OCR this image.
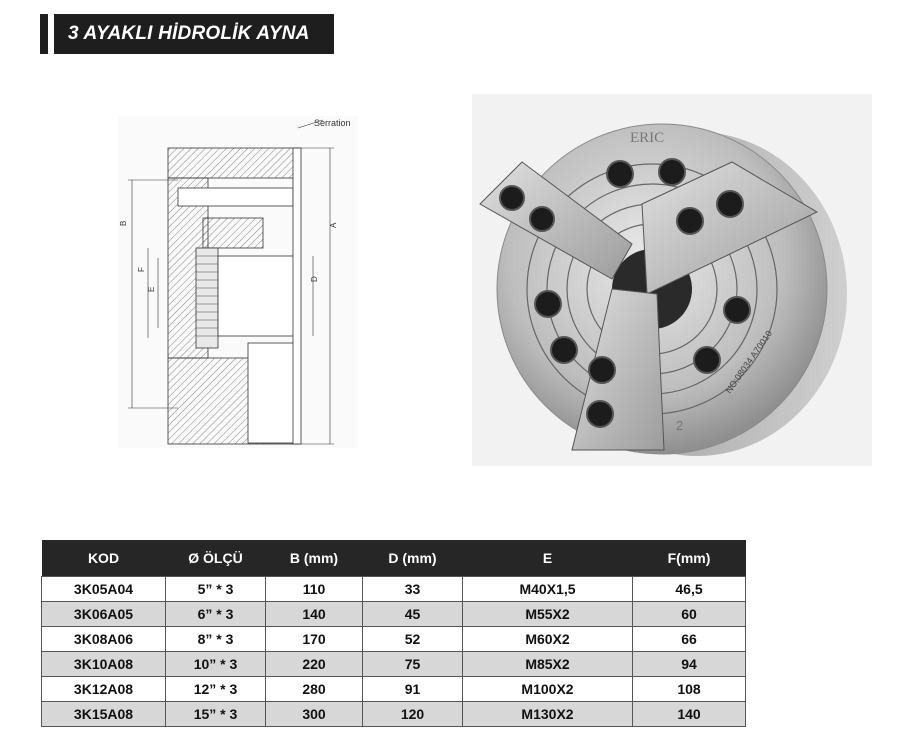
3 AYAKLI HİDROLİK AYNA
Serration
B
F
E
D
A
ERIC
NO:08034 A70010
2
KOD	Ø ÖLÇÜ	B (mm)	D (mm)	E	F(mm)
3K05A04	5” * 3	110	33	M40X1,5	46,5
3K06A05	6” * 3	140	45	M55X2	60
3K08A06	8” * 3	170	52	M60X2	66
3K10A08	10” * 3	220	75	M85X2	94
3K12A08	12” * 3	280	91	M100X2	108
3K15A08	15” * 3	300	120	M130X2	140
